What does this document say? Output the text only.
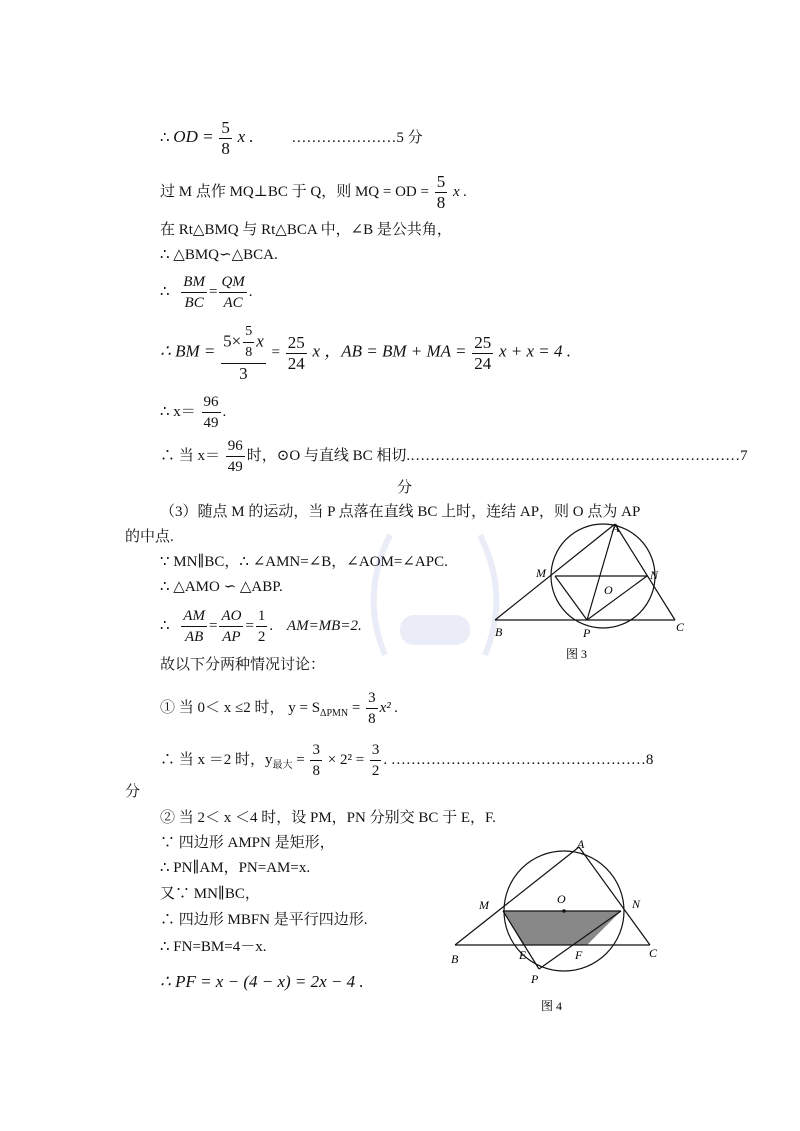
∴ OD = $\frac{5}{8}$ x .	…………………5 分
过 M 点作 MQ⊥BC 于 Q，则 MQ = OD = $\frac{5}{8}$ x .
在 Rt△BMQ 与 Rt△BCA 中，∠B 是公共角，
∴ △BMQ∽△BCA.
∴ $\frac{BM}{BC} = \frac{QM}{AC}$ .
∴ BM = $\frac{5\times \frac{5}{8} x}{3} = \frac{25}{24}$ x ，AB = BM + MA = $\frac{25}{24}$ x + x = 4 .
∴ $x= \frac{96}{49}$ .
∴ 当 $x= \frac{96}{49}$ 时，⊙O 与直线 BC 相切.…………………………………………………………7
分
（3）随点 M 的运动，当 P 点落在直线 BC 上时，连结 AP，则 O 点为 AP
的中点.
∵ MN∥BC，∴ ∠AMN=∠B，∠AOM=∠APC.
∴ △AMO ∽ △ABP.
∴ $\frac{AM}{AB} = \frac{AO}{AP} = \frac{1}{2}$ . AM=MB=2.
故以下分两种情况讨论：
① 当 0＜ x ≤2 时， $y = S_{\Delta PMN} = \frac{3}{8} x^2$ .
∴ 当 x ＝2 时，$y_{最大} = \frac{3}{8} \times 2^2 = \frac{3}{2}$ . ……………………………………………8
分
② 当 2＜ x ＜4 时，设 PM，PN 分别交 BC 于 E，F.
∵ 四边形 AMPN 是矩形，
∴ PN∥AM，PN=AM=x.
又∵ MN∥BC，
∴ 四边形 MBFN 是平行四边形.
∴ FN=BM=4－x.
∴ PF = x − (4 − x) = 2x − 4 .
A
M	N
O
B	P	C
图 3
A
M	N
O
B	E	F
P
C
图 4
